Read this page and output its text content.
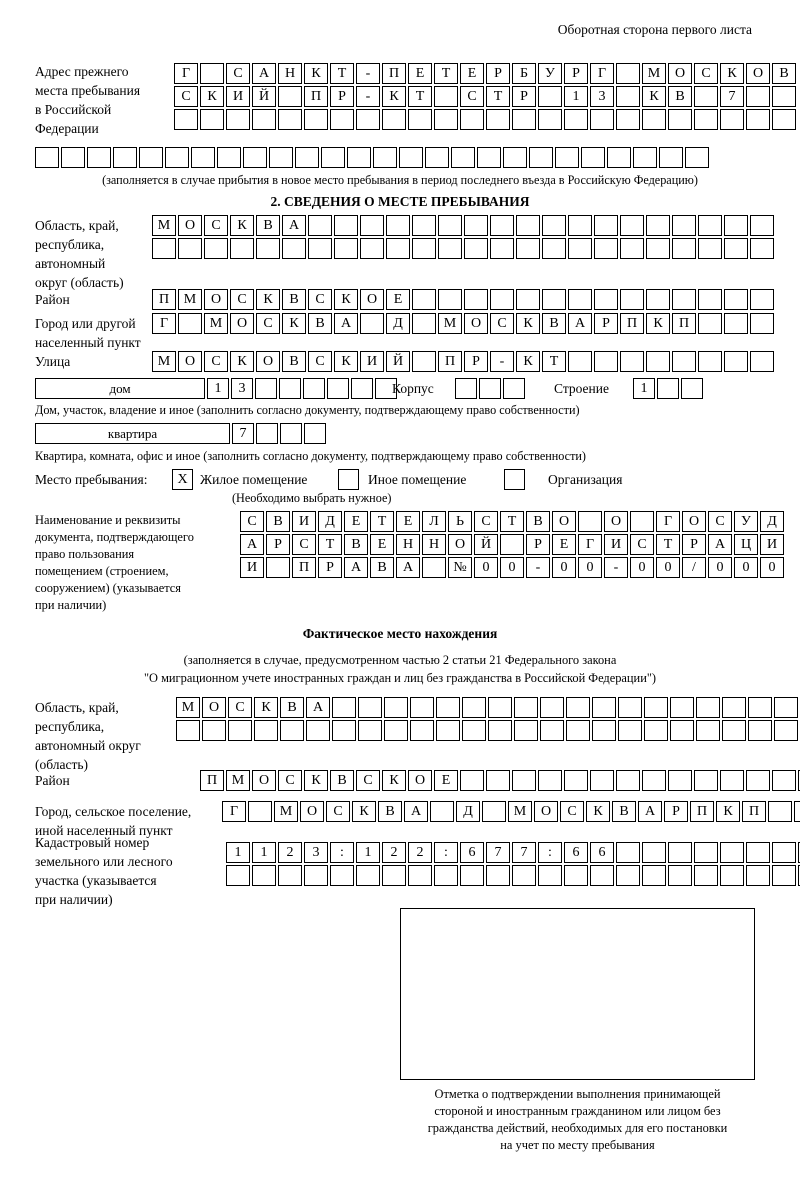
Оборотная сторона первого листа
Адрес прежнего
места пребывания
в Российской
Федерации
Г	С	А	Н	К	Т	-	П	Е	Т	Е	Р	Б	У	Р	Г	М	О	С	К	О	В
С	К	И	Й	П	Р	-	К	Т	С	Т	Р	1	3	К	В	7
(заполняется в случае прибытия в новое место пребывания в период последнего въезда в Российскую Федерацию)
2. СВЕДЕНИЯ О МЕСТЕ ПРЕБЫВАНИЯ
Область, край,
республика,
автономный
округ (область)
М	О	С	К	В	А
Район	П	М	О	С	К	В	С	К	О	Е
Город или другой
населенный пункт
Г	М	О	С	К	В	А	Д	М	О	С	К	В	А	Р	П	К	П
Улица	М	О	С	К	О	В	С	К	И	Й	П	Р	-	К	Т
дом	1	3	Корпус	Строение	1
Дом, участок, владение и иное (заполнить согласно документу, подтверждающему право собственности)
квартира	7
Квартира, комната, офис и иное (заполнить согласно документу, подтверждающему право собственности)
Место пребывания:	X Жилое помещение	Иное помещение	Организация
(Необходимо выбрать нужное)
Наименование и реквизиты
документа, подтверждающего
право пользования
помещением (строением,
сооружением) (указывается
при наличии)
С	В	И	Д	Е	Т	Е	Л	Ь	С	Т	В	О	О	Г	О	С	У	Д
А	Р	С	Т	В	Е	Н	Н	О	Й	Р	Е	Г	И	С	Т	Р	А	Ц	И
И	П	Р	А	В	А	№	0	0	-	0	0	-	0	0	/	0	0	0
Фактическое место нахождения
(заполняется в случае, предусмотренном частью 2 статьи 21 Федерального закона
"О миграционном учете иностранных граждан и лиц без гражданства в Российской Федерации")
Область, край,
республика,
автономный округ
(область)
М	О	С	К	В	А
Район	П	М	О	С	К	В	С	К	О	Е
Город, сельское поселение,
иной населенный пункт
Г	М	О	С	К	В	А	Д	М	О	С	К	В	А	Р	П	К	П
Кадастровый номер
земельного или лесного
участка (указывается
при наличии)
1	1	2	3	:	1	2	2	:	6	7	7	:	6	6
Отметка о подтверждении выполнения принимающей
стороной и иностранным гражданином или лицом без
гражданства действий, необходимых для его постановки
на учет по месту пребывания
